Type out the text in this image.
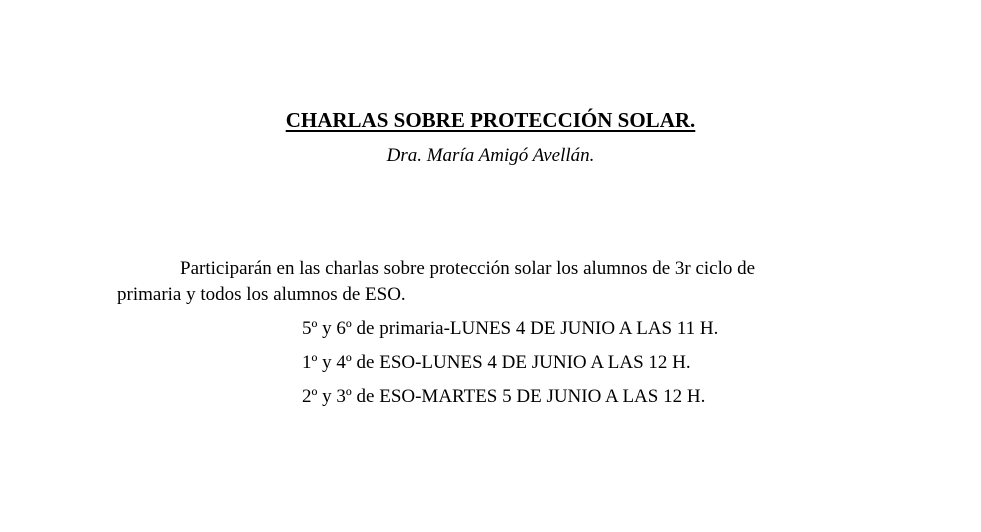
CHARLAS SOBRE PROTECCIÓN SOLAR.

Dra. María Amigó Avellán.

Participarán en las charlas sobre protección solar los alumnos de 3r ciclo de
primaria y todos los alumnos de ESO.

5º y 6º de primaria-LUNES 4 DE JUNIO A LAS 11 H.
1º y 4º de ESO-LUNES 4 DE JUNIO A LAS 12 H.
2º y 3º de ESO-MARTES 5 DE JUNIO A LAS 12 H.
